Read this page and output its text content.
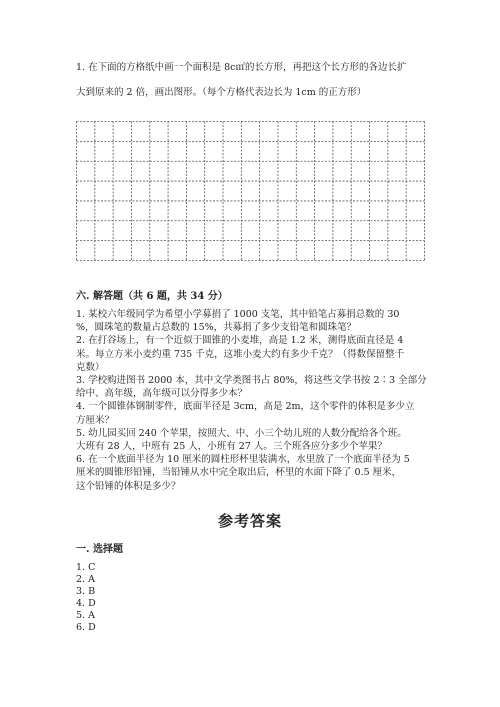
1. 在下面的方格纸中画一个面积是 8c㎡的长方形，再把这个长方形的各边长扩
大到原来的 2 倍，画出图形。（每个方格代表边长为 1cm 的正方形）
六. 解答题（共 6 题，共 34 分）
1. 某校六年级同学为希望小学募捐了 1000 支笔，其中铅笔占募捐总数的 30
%，圆珠笔的数量占总数的 15%，共募捐了多少支铅笔和圆珠笔？
2. 在打谷场上，有一个近似于圆锥的小麦堆，高是 1.2 米，测得底面直径是 4
米。每立方米小麦约重 735 千克，这堆小麦大约有多少千克？（得数保留整千
克数）
3. 学校购进图书 2000 本，其中文学类图书占 80%，将这些文学书按 2∶3 全部分
给中、高年级，高年级可以分得多少本？
4. 一个圆锥体钢制零件，底面半径是 3cm，高是 2m，这个零件的体积是多少立
方厘米？
5. 幼儿园买回 240 个苹果，按照大、中、小三个幼儿班的人数分配给各个班。
大班有 28 人，中班有 25 人，小班有 27 人。三个班各应分多少个苹果？
6. 在一个底面半径为 10 厘米的圆柱形杯里装满水，水里放了一个底面半径为 5
厘米的圆锥形铅锤，当铅锤从水中完全取出后，杯里的水面下降了 0.5 厘米，
这个铅锤的体积是多少？
参考答案
一. 选择题
1. C
2. A
3. B
4. D
5. A
6. D
